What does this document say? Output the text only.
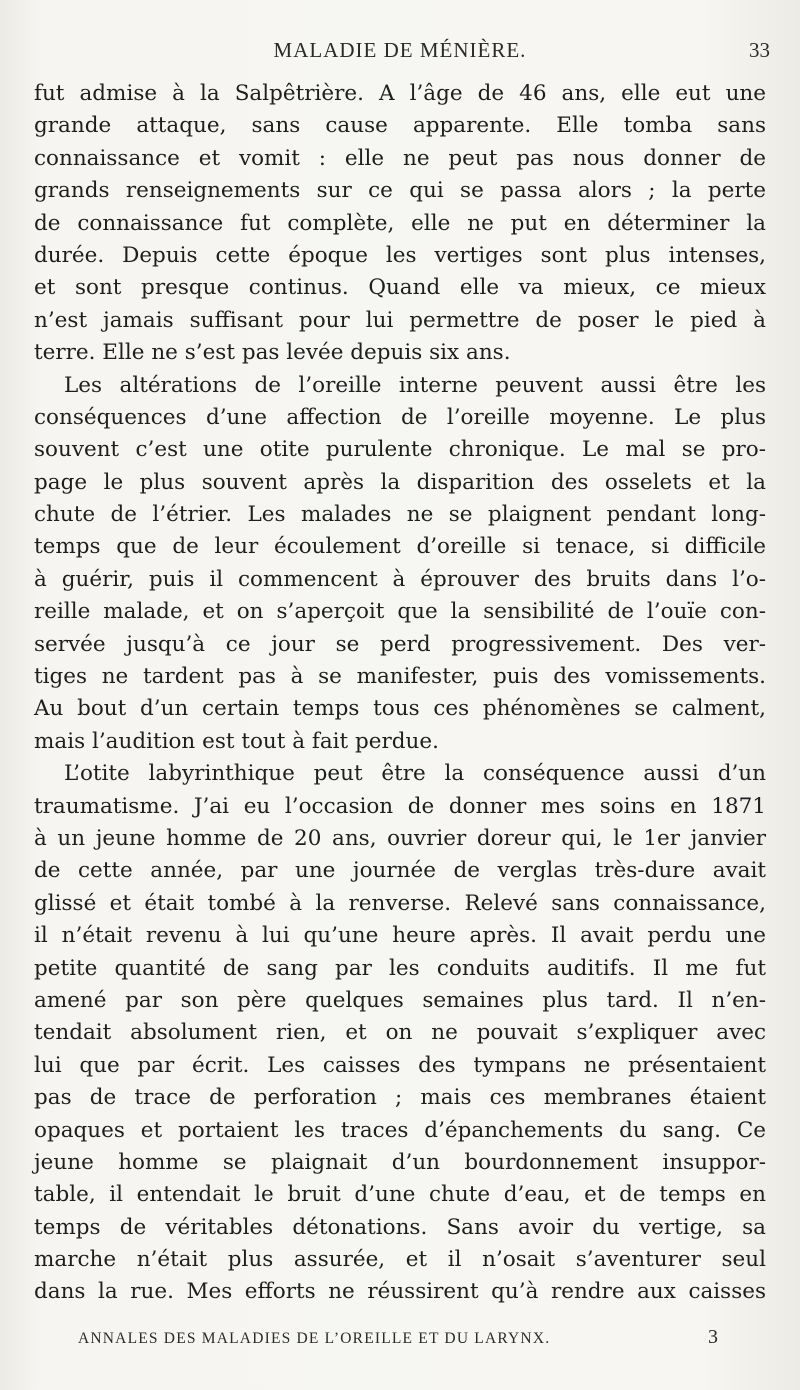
MALADIE DE MÉNIÈRE.	33
fut admise à la Salpêtrière. A l’âge de 46 ans, elle eut une
grande attaque, sans cause apparente. Elle tomba sans
connaissance et vomit : elle ne peut pas nous donner de
grands renseignements sur ce qui se passa alors ; la perte
de connaissance fut complète, elle ne put en déterminer la
durée. Depuis cette époque les vertiges sont plus intenses,
et sont presque continus. Quand elle va mieux, ce mieux
n’est jamais suffisant pour lui permettre de poser le pied à
terre. Elle ne s’est pas levée depuis six ans.
Les altérations de l’oreille interne peuvent aussi être les
conséquences d’une affection de l’oreille moyenne. Le plus
souvent c’est une otite purulente chronique. Le mal se pro-
page le plus souvent après la disparition des osselets et la
chute de l’étrier. Les malades ne se plaignent pendant long-
temps que de leur écoulement d’oreille si tenace, si difficile
à guérir, puis il commencent à éprouver des bruits dans l’o-
reille malade, et on s’aperçoit que la sensibilité de l’ouïe con-
servée jusqu’à ce jour se perd progressivement. Des ver-
tiges ne tardent pas à se manifester, puis des vomissements.
Au bout d’un certain temps tous ces phénomènes se calment,
mais l’audition est tout à fait perdue.
L’otite labyrinthique peut être la conséquence aussi d’un
traumatisme. J’ai eu l’occasion de donner mes soins en 1871
à un jeune homme de 20 ans, ouvrier doreur qui, le 1er janvier
de cette année, par une journée de verglas très-dure avait
glissé et était tombé à la renverse. Relevé sans connaissance,
il n’était revenu à lui qu’une heure après. Il avait perdu une
petite quantité de sang par les conduits auditifs. Il me fut
amené par son père quelques semaines plus tard. Il n’en-
tendait absolument rien, et on ne pouvait s’expliquer avec
lui que par écrit. Les caisses des tympans ne présentaient
pas de trace de perforation ; mais ces membranes étaient
opaques et portaient les traces d’épanchements du sang. Ce
jeune homme se plaignait d’un bourdonnement insuppor-
table, il entendait le bruit d’une chute d’eau, et de temps en
temps de véritables détonations. Sans avoir du vertige, sa
marche n’était plus assurée, et il n’osait s’aventurer seul
dans la rue. Mes efforts ne réussirent qu’à rendre aux caisses
ANNALES DES MALADIES DE L’OREILLE ET DU LARYNX.	3
